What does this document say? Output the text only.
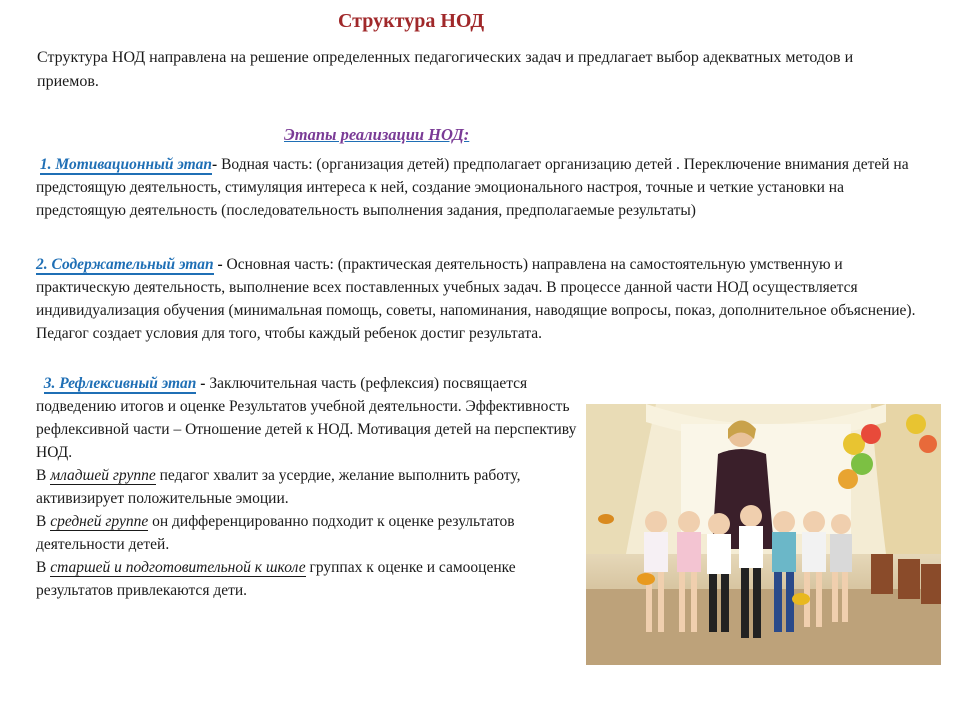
Структура НОД
Структура НОД направлена на решение определенных педагогических задач и предлагает выбор адекватных методов и приемов.
Этапы реализации НОД:
1. Мотивационный этап- Водная часть: (организация детей) предполагает организацию детей . Переключение внимания детей на предстоящую деятельность, стимуляция интереса к ней, создание эмоционального настроя, точные и четкие установки на предстоящую деятельность (последовательность выполнения задания, предполагаемые результаты)
2. Содержательный этап - Основная часть: (практическая деятельность) направлена на самостоятельную умственную и практическую деятельность, выполнение всех поставленных учебных задач. В процессе данной части НОД осуществляется индивидуализация обучения (минимальная помощь, советы, напоминания, наводящие вопросы, показ, дополнительное объяснение). Педагог создает условия для того, чтобы каждый ребенок достиг результата.
3. Рефлексивный этап - Заключительная часть (рефлексия) посвящается подведению итогов и оценке Результатов учебной деятельности. Эффективность рефлексивной части – Отношение детей к НОД. Мотивация детей на перспективу НОД.
В младшей группе педагог хвалит за усердие, желание выполнить работу, активизирует положительные эмоции.
В средней группе он дифференцированно подходит к оценке результатов деятельности детей.
В старшей и подготовительной к школе группах к оценке и самооценке результатов привлекаются дети.
